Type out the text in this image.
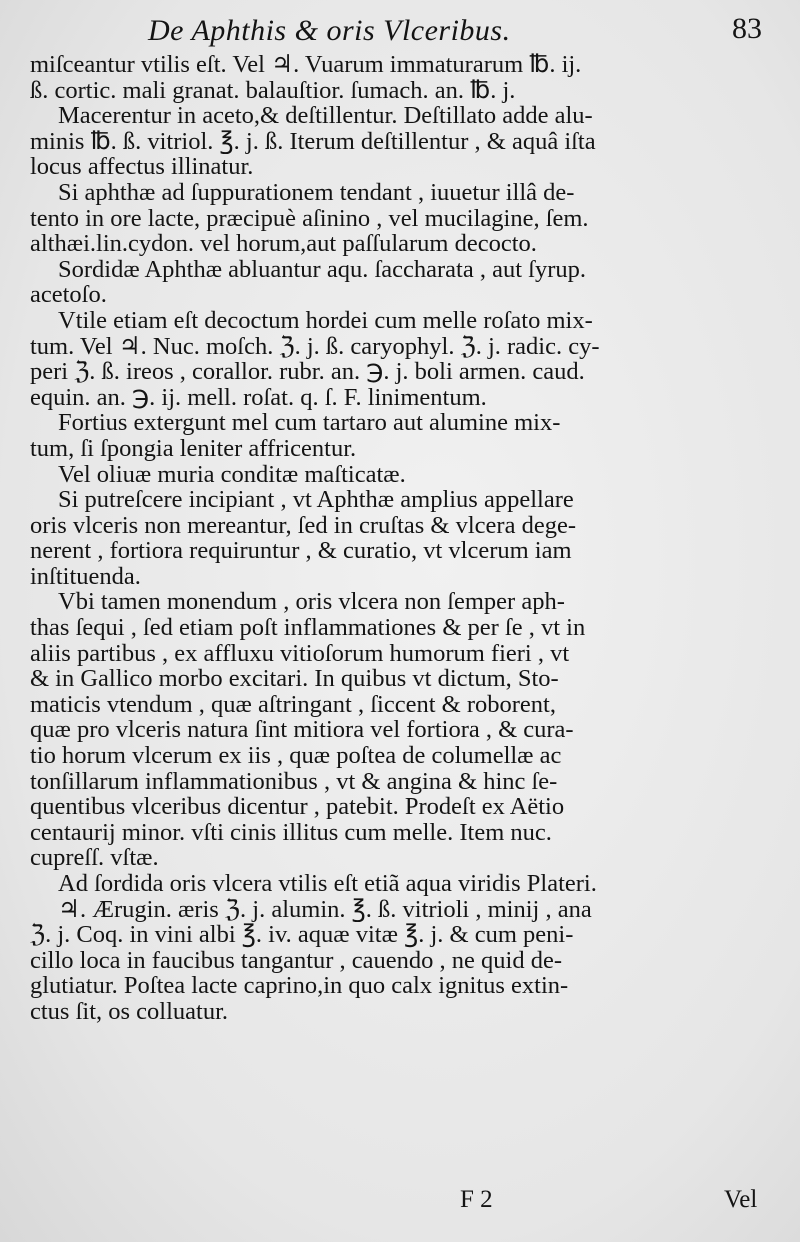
De Aphthis & oris Vlceribus.	83
miſceantur vtilis eſt. Vel ♃. Vuarum immaturarum ℔. ij.
ß. cortic. mali granat. balauſtior. ſumach. an. ℔. j.
Macerentur in aceto,& deſtillentur. Deſtillato adde alu-
minis ℔. ß. vitriol. ℥. j. ß. Iterum deſtillentur , & aquâ iſta
locus affectus illinatur.
Si aphthæ ad ſuppurationem tendant , iuuetur illâ de-
tento in ore lacte, præcipuè aſinino , vel mucilagine, ſem.
althæi.lin.cydon. vel horum,aut paſſularum decocto.
Sordidæ Aphthæ abluantur aqu. ſaccharata , aut ſyrup.
acetoſo.
Vtile etiam eſt decoctum hordei cum melle roſato mix-
tum. Vel ♃. Nuc. moſch. ℨ. j. ß. caryophyl. ℨ. j. radic. cy-
peri ℨ. ß. ireos , corallor. rubr. an. ℈. j. boli armen. caud.
equin. an. ℈. ij. mell. roſat. q. ſ. F. linimentum.
Fortius extergunt mel cum tartaro aut alumine mix-
tum, ſi ſpongia leniter affricentur.
Vel oliuæ muria conditæ maſticatæ.
Si putreſcere incipiant , vt Aphthæ amplius appellare
oris vlceris non mereantur, ſed in cruſtas & vlcera dege-
nerent , fortiora requiruntur , & curatio, vt vlcerum iam
inſtituenda.
Vbi tamen monendum , oris vlcera non ſemper aph-
thas ſequi , ſed etiam poſt inflammationes & per ſe , vt in
aliis partibus , ex affluxu vitioſorum humorum fieri , vt
& in Gallico morbo excitari. In quibus vt dictum, Sto-
maticis vtendum , quæ aſtringant , ſiccent & roborent,
quæ pro vlceris natura ſint mitiora vel fortiora , & cura-
tio horum vlcerum ex iis , quæ poſtea de columellæ ac
tonſillarum inflammationibus , vt & angina & hinc ſe-
quentibus vlceribus dicentur , patebit. Prodeſt ex Aëtio
centaurij minor. vſti cinis illitus cum melle. Item nuc.
cupreſſ. vſtæ.
Ad ſordida oris vlcera vtilis eſt etiã aqua viridis Plateri.
♃. Ærugin. æris ℨ. j. alumin. ℥. ß. vitrioli , minij , ana
ℨ. j. Coq. in vini albi ℥. iv. aquæ vitæ ℥. j. & cum peni-
cillo loca in faucibus tangantur , cauendo , ne quid de-
glutiatur. Poſtea lacte caprino,in quo calx ignitus extin-
ctus ſit, os colluatur.
F 2	Vel
